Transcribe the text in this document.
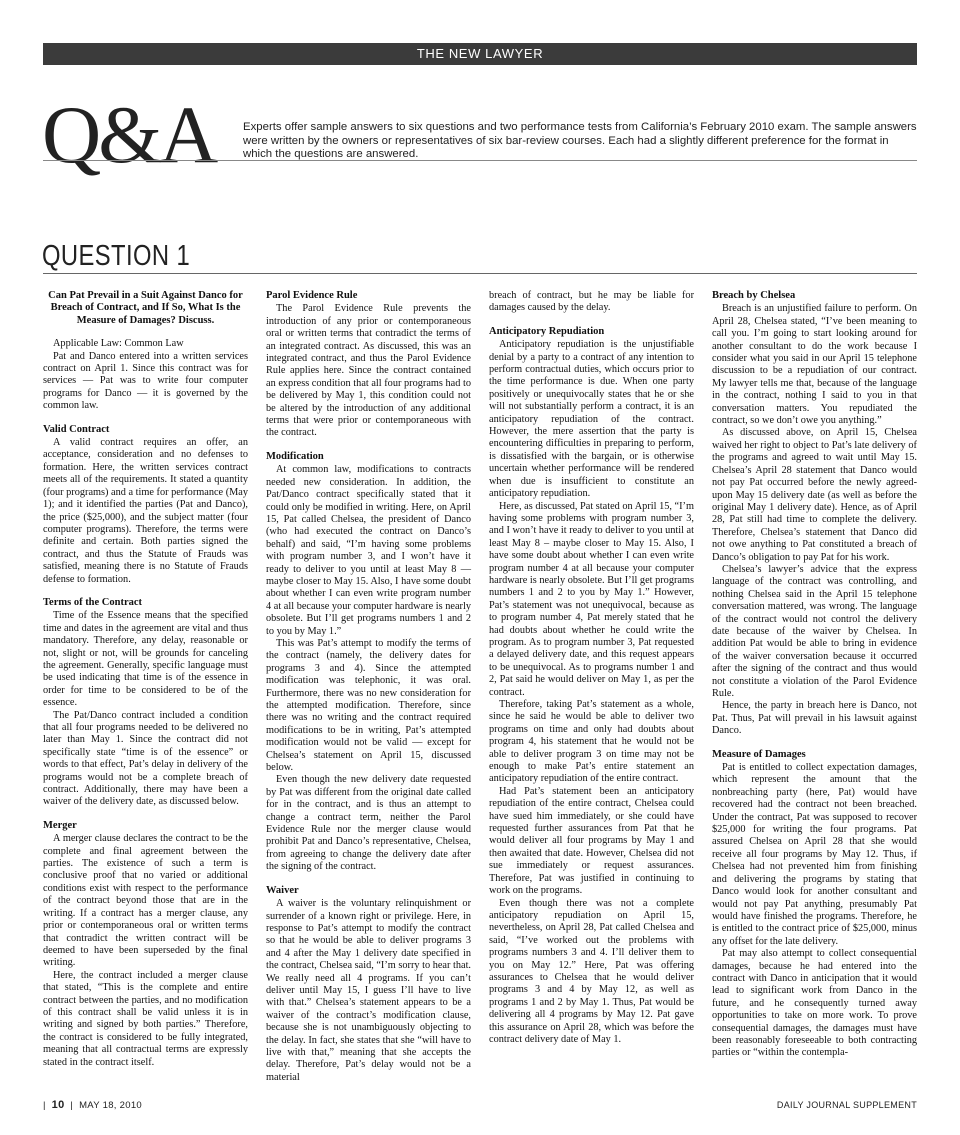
THE NEW LAWYER
Q&A Experts offer sample answers to six questions and two performance tests from California’s February 2010 exam. The sample answers were written by the owners or representatives of six bar-review courses. Each had a slightly different preference for the format in which the questions are answered.
QUESTION 1

Can Pat Prevail in a Suit Against Danco for Breach of Contract, and If So, What Is the Measure of Damages? Discuss.

Applicable Law: Common Law

Pat and Danco entered into a written services contract on April 1. Since this contract was for services — Pat was to write four computer programs for Danco — it is governed by the common law.

Valid Contract

A valid contract requires an offer, an acceptance, consideration and no defenses to formation. Here, the written services contract meets all of the requirements. It stated a quantity (four programs) and a time for performance (May 1); and it identified the parties (Pat and Danco), the price ($25,000), and the subject matter (four computer programs). Therefore, the terms were definite and certain. Both parties signed the contract, and thus the Statute of Frauds was satisfied, meaning there is no Statute of Frauds defense to formation.

Terms of the Contract

Time of the Essence means that the specified time and dates in the agreement are vital and thus mandatory. Therefore, any delay, reasonable or not, slight or not, will be grounds for canceling the agreement. Generally, specific language must be used indicating that time is of the essence in order for time to be considered to be of the essence.

The Pat/Danco contract included a condition that all four programs needed to be delivered no later than May 1. Since the contract did not specifically state “time is of the essence” or words to that effect, Pat’s delay in delivery of the programs would not be a complete breach of contract. Additionally, there may have been a waiver of the delivery date, as discussed below.

Merger

A merger clause declares the contract to be the complete and final agreement between the parties. The existence of such a term is conclusive proof that no varied or additional conditions exist with respect to the performance of the contract beyond those that are in the writing. If a contract has a merger clause, any prior or contemporaneous oral or written terms that contradict the written contract will be deemed to have been superseded by the final writing.

Here, the contract included a merger clause that stated, “This is the complete and entire contract between the parties, and no modification of this contract shall be valid unless it is in writing and signed by both parties.” Therefore, the contract is considered to be fully integrated, meaning that all contractual terms are expressly stated in the contract itself.

Parol Evidence Rule

The Parol Evidence Rule prevents the introduction of any prior or contemporaneous oral or written terms that contradict the terms of an integrated contract. As discussed, this was an integrated contract, and thus the Parol Evidence Rule applies here. Since the contract contained an express condition that all four programs had to be delivered by May 1, this condition could not be altered by the introduction of any additional terms that were prior or contemporaneous with the contract.

Modification

At common law, modifications to contracts needed new consideration. In addition, the Pat/Danco contract specifically stated that it could only be modified in writing. Here, on April 15, Pat called Chelsea, the president of Danco (who had executed the contract on Danco’s behalf) and said, “I’m having some problems with program number 3, and I won’t have it ready to deliver to you until at least May 8 — maybe closer to May 15. Also, I have some doubt about whether I can even write program number 4 at all because your computer hardware is nearly obsolete. But I’ll get programs numbers 1 and 2 to you by May 1.”

This was Pat’s attempt to modify the terms of the contract (namely, the delivery dates for programs 3 and 4). Since the attempted modification was telephonic, it was oral. Furthermore, there was no new consideration for the attempted modification. Therefore, since there was no writing and the contract required modifications to be in writing, Pat’s attempted modification would not be valid — except for Chelsea’s statement on April 15, discussed below.

Even though the new delivery date requested by Pat was different from the original date called for in the contract, and is thus an attempt to change a contract term, neither the Parol Evidence Rule nor the merger clause would prohibit Pat and Danco’s representative, Chelsea, from agreeing to change the delivery date after the signing of the contract.

Waiver

A waiver is the voluntary relinquishment or surrender of a known right or privilege. Here, in response to Pat’s attempt to modify the contract so that he would be able to deliver programs 3 and 4 after the May 1 delivery date specified in the contract, Chelsea said, “I’m sorry to hear that. We really need all 4 programs. If you can’t deliver until May 15, I guess I’ll have to live with that.” Chelsea’s statement appears to be a waiver of the contract’s modification clause, because she is not unambiguously objecting to the delay. In fact, she states that she “will have to live with that,” meaning that she accepts the delay. Therefore, Pat’s delay would not be a material

breach of contract, but he may be liable for damages caused by the delay.

Anticipatory Repudiation

Anticipatory repudiation is the unjustifiable denial by a party to a contract of any intention to perform contractual duties, which occurs prior to the time performance is due. When one party positively or unequivocally states that he or she will not substantially perform a contract, it is an anticipatory repudiation of the contract. However, the mere assertion that the party is encountering difficulties in preparing to perform, is dissatisfied with the bargain, or is otherwise uncertain whether performance will be rendered when due is insufficient to constitute an anticipatory repudiation.

Here, as discussed, Pat stated on April 15, “I’m having some problems with program number 3, and I won’t have it ready to deliver to you until at least May 8 – maybe closer to May 15. Also, I have some doubt about whether I can even write program number 4 at all because your computer hardware is nearly obsolete. But I’ll get programs numbers 1 and 2 to you by May 1.” However, Pat’s statement was not unequivocal, because as to program number 4, Pat merely stated that he had doubts about whether he could write the program. As to program number 3, Pat requested a delayed delivery date, and this request appears to be unequivocal. As to programs number 1 and 2, Pat said he would deliver on May 1, as per the contract.

Therefore, taking Pat’s statement as a whole, since he said he would be able to deliver two programs on time and only had doubts about program 4, his statement that he would not be able to deliver program 3 on time may not be enough to make Pat’s entire statement an anticipatory repudiation of the entire contract.

Had Pat’s statement been an anticipatory repudiation of the entire contract, Chelsea could have sued him immediately, or she could have requested further assurances from Pat that he would deliver all four programs by May 1 and then awaited that date. However, Chelsea did not sue immediately or request assurances. Therefore, Pat was justified in continuing to work on the programs.

Even though there was not a complete anticipatory repudiation on April 15, nevertheless, on April 28, Pat called Chelsea and said, “I’ve worked out the problems with programs numbers 3 and 4. I’ll deliver them to you on May 12.” Here, Pat was offering assurances to Chelsea that he would deliver programs 3 and 4 by May 12, as well as programs 1 and 2 by May 1. Thus, Pat would be delivering all 4 programs by May 12. Pat gave this assurance on April 28, which was before the contract delivery date of May 1.

Breach by Chelsea

Breach is an unjustified failure to perform. On April 28, Chelsea stated, “I’ve been meaning to call you. I’m going to start looking around for another consultant to do the work because I consider what you said in our April 15 telephone discussion to be a repudiation of our contract. My lawyer tells me that, because of the language in the contract, nothing I said to you in that conversation matters. You repudiated the contract, so we don’t owe you anything.”

As discussed above, on April 15, Chelsea waived her right to object to Pat’s late delivery of the programs and agreed to wait until May 15. Chelsea’s April 28 statement that Danco would not pay Pat occurred before the newly agreed-upon May 15 delivery date (as well as before the original May 1 delivery date). Hence, as of April 28, Pat still had time to complete the delivery. Therefore, Chelsea’s statement that Danco did not owe anything to Pat constituted a breach of Danco’s obligation to pay Pat for his work.

Chelsea’s lawyer’s advice that the express language of the contract was controlling, and nothing Chelsea said in the April 15 telephone conversation mattered, was wrong. The language of the contract would not control the delivery date because of the waiver by Chelsea. In addition Pat would be able to bring in evidence of the waiver conversation because it occurred after the signing of the contract and thus would not constitute a violation of the Parol Evidence Rule.

Hence, the party in breach here is Danco, not Pat. Thus, Pat will prevail in his lawsuit against Danco.

Measure of Damages

Pat is entitled to collect expectation damages, which represent the amount that the nonbreaching party (here, Pat) would have recovered had the contract not been breached. Under the contract, Pat was supposed to recover $25,000 for writing the four programs. Pat assured Chelsea on April 28 that she would receive all four programs by May 12. Thus, if Chelsea had not prevented him from finishing and delivering the programs by stating that Danco would look for another consultant and would not pay Pat anything, presumably Pat would have finished the programs. Therefore, he is entitled to the contract price of $25,000, minus any offset for the late delivery.

Pat may also attempt to collect consequential damages, because he had entered into the contract with Danco in anticipation that it would lead to significant work from Danco in the future, and he consequently turned away opportunities to take on more work. To prove consequential damages, the damages must have been reasonably foreseeable to both contracting parties or “within the contempla-

| 10 | MAY 18, 2010	DAILY JOURNAL SUPPLEMENT
